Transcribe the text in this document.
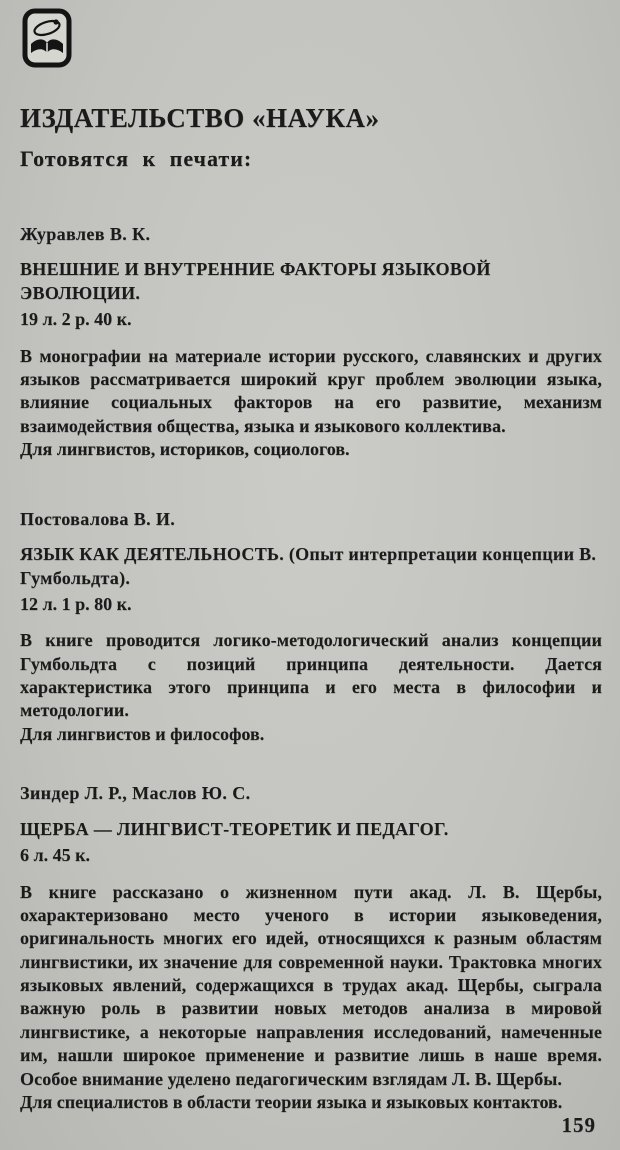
ИЗДАТЕЛЬСТВО «НАУКА»
Готовятся к печати:
Журавлев В. К.
ВНЕШНИЕ И ВНУТРЕННИЕ ФАКТОРЫ ЯЗЫКОВОЙ ЭВОЛЮЦИИ.
19 л. 2 р. 40 к.

В монографии на материале истории русского, славянских и других языков рассматривается широкий круг проблем эволюции языка, влияние социальных факторов на его развитие, механизм взаимодействия общества, языка и языкового коллектива.

Для лингвистов, историков, социологов.

Постовалова В. И.
ЯЗЫК КАК ДЕЯТЕЛЬНОСТЬ. (Опыт интерпретации концепции В. Гумбольдта).
12 л. 1 р. 80 к.

В книге проводится логико-методологический анализ концепции Гумбольдта с позиций принципа деятельности. Дается характеристика этого принципа и его места в философии и методологии.

Для лингвистов и философов.

Зиндер Л. Р., Маслов Ю. С.
ЩЕРБА — ЛИНГВИСТ-ТЕОРЕТИК И ПЕДАГОГ.
6 л. 45 к.

В книге рассказано о жизненном пути акад. Л. В. Щербы, охарактеризовано место ученого в истории языковедения, оригинальность многих его идей, относящихся к разным областям лингвистики, их значение для современной науки. Трактовка многих языковых явлений, содержащихся в трудах акад. Щербы, сыграла важную роль в развитии новых методов анализа в мировой лингвистике, а некоторые направления исследований, намеченные им, нашли широкое применение и развитие лишь в наше время. Особое внимание уделено педагогическим взглядам Л. В. Щербы.

Для специалистов в области теории языка и языковых контактов.

159
